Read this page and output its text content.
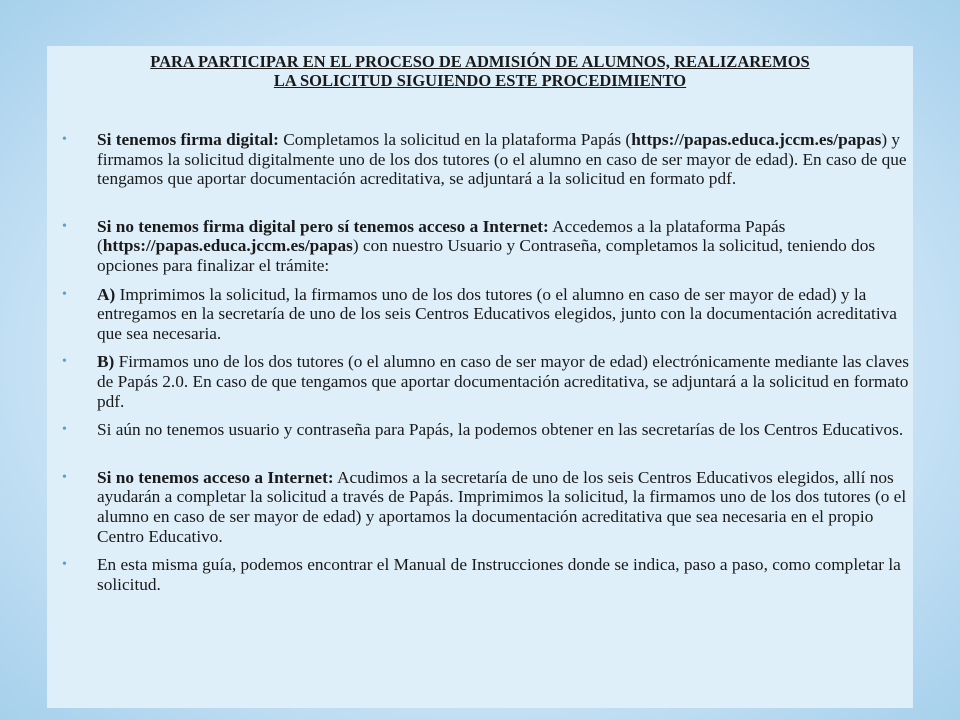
PARA PARTICIPAR EN EL PROCESO DE ADMISIÓN DE ALUMNOS, REALIZAREMOS
LA SOLICITUD SIGUIENDO ESTE PROCEDIMIENTO
•	Si tenemos firma digital: Completamos la solicitud en la plataforma Papás (https://papas.educa.jccm.es/papas) y firmamos la solicitud digitalmente uno de los dos tutores (o el alumno en caso de ser mayor de edad). En caso de que tengamos que aportar documentación acreditativa, se adjuntará a la solicitud en formato pdf.
•	Si no tenemos firma digital pero sí tenemos acceso a Internet: Accedemos a la plataforma Papás (https://papas.educa.jccm.es/papas) con nuestro Usuario y Contraseña, completamos la solicitud, teniendo dos opciones para finalizar el trámite:
•	A) Imprimimos la solicitud, la firmamos uno de los dos tutores (o el alumno en caso de ser mayor de edad) y la entregamos en la secretaría de uno de los seis Centros Educativos elegidos, junto con la documentación acreditativa que sea necesaria.
•	B) Firmamos uno de los dos tutores (o el alumno en caso de ser mayor de edad) electrónicamente mediante las claves de Papás 2.0. En caso de que tengamos que aportar documentación acreditativa, se adjuntará a la solicitud en formato pdf.
•	Si aún no tenemos usuario y contraseña para Papás, la podemos obtener en las secretarías de los Centros Educativos.
•	Si no tenemos acceso a Internet: Acudimos a la secretaría de uno de los seis Centros Educativos elegidos, allí nos ayudarán a completar la solicitud a través de Papás. Imprimimos la solicitud, la firmamos uno de los dos tutores (o el alumno en caso de ser mayor de edad) y aportamos la documentación acreditativa que sea necesaria en el propio Centro Educativo.
•	En esta misma guía, podemos encontrar el Manual de Instrucciones donde se indica, paso a paso, como completar la solicitud.
